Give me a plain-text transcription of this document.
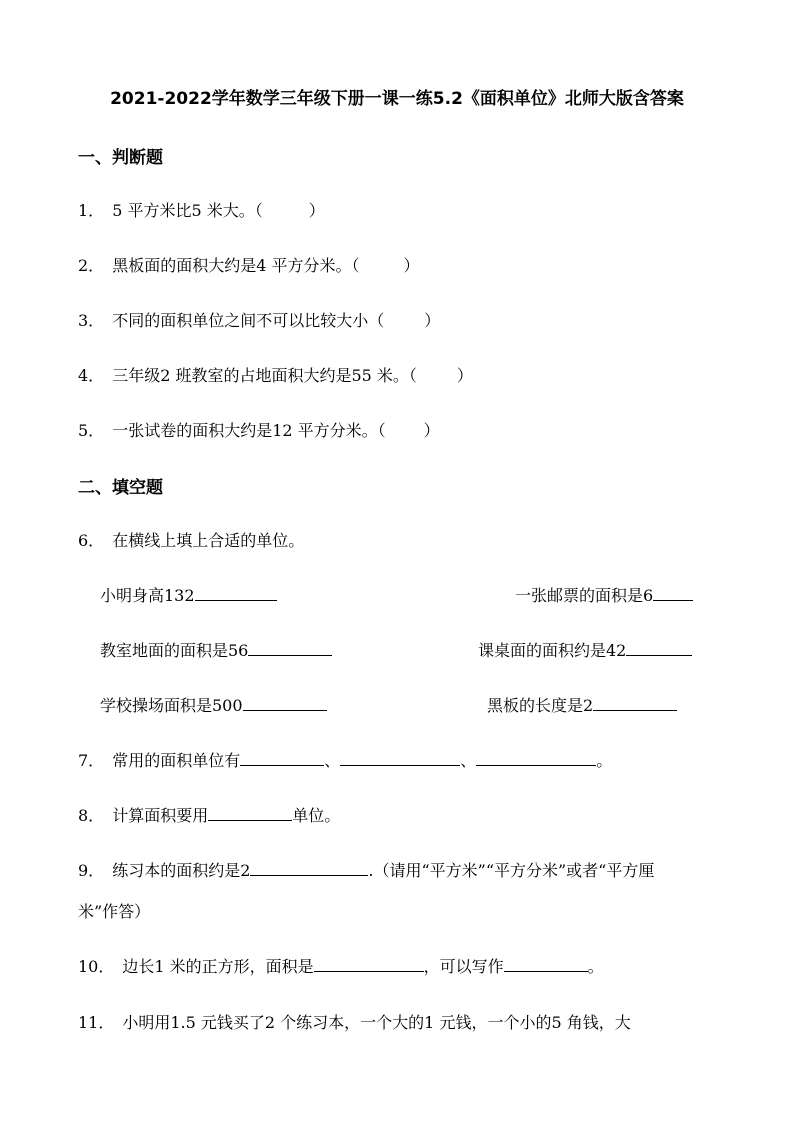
2021-2022学年数学三年级下册一课一练5.2《面积单位》北师大版含答案
一、判断题
1． 5 平方米比5 米大。（	）
2． 黑板面的面积大约是4 平方分米。（	）
3． 不同的面积单位之间不可以比较大小（	）
4． 三年级2 班教室的占地面积大约是55 米。（	）
5． 一张试卷的面积大约是12 平方分米。（ ）
二、填空题
6． 在横线上填上合适的单位。
小明身高132	一张邮票的面积是6
教室地面的面积是56	课桌面的面积约是42
学校操场面积是500	黑板的长度是2
7． 常用的面积单位有	、	、	。
8． 计算面积要用	单位。
9． 练习本的面积约是2	.（请用“平方米”“平方分米”或者“平方厘
米”作答）
10． 边长1 米的正方形，面积是	，可以写作	。
11． 小明用1.5 元钱买了2 个练习本，一个大的1 元钱，一个小的5 角钱，大
